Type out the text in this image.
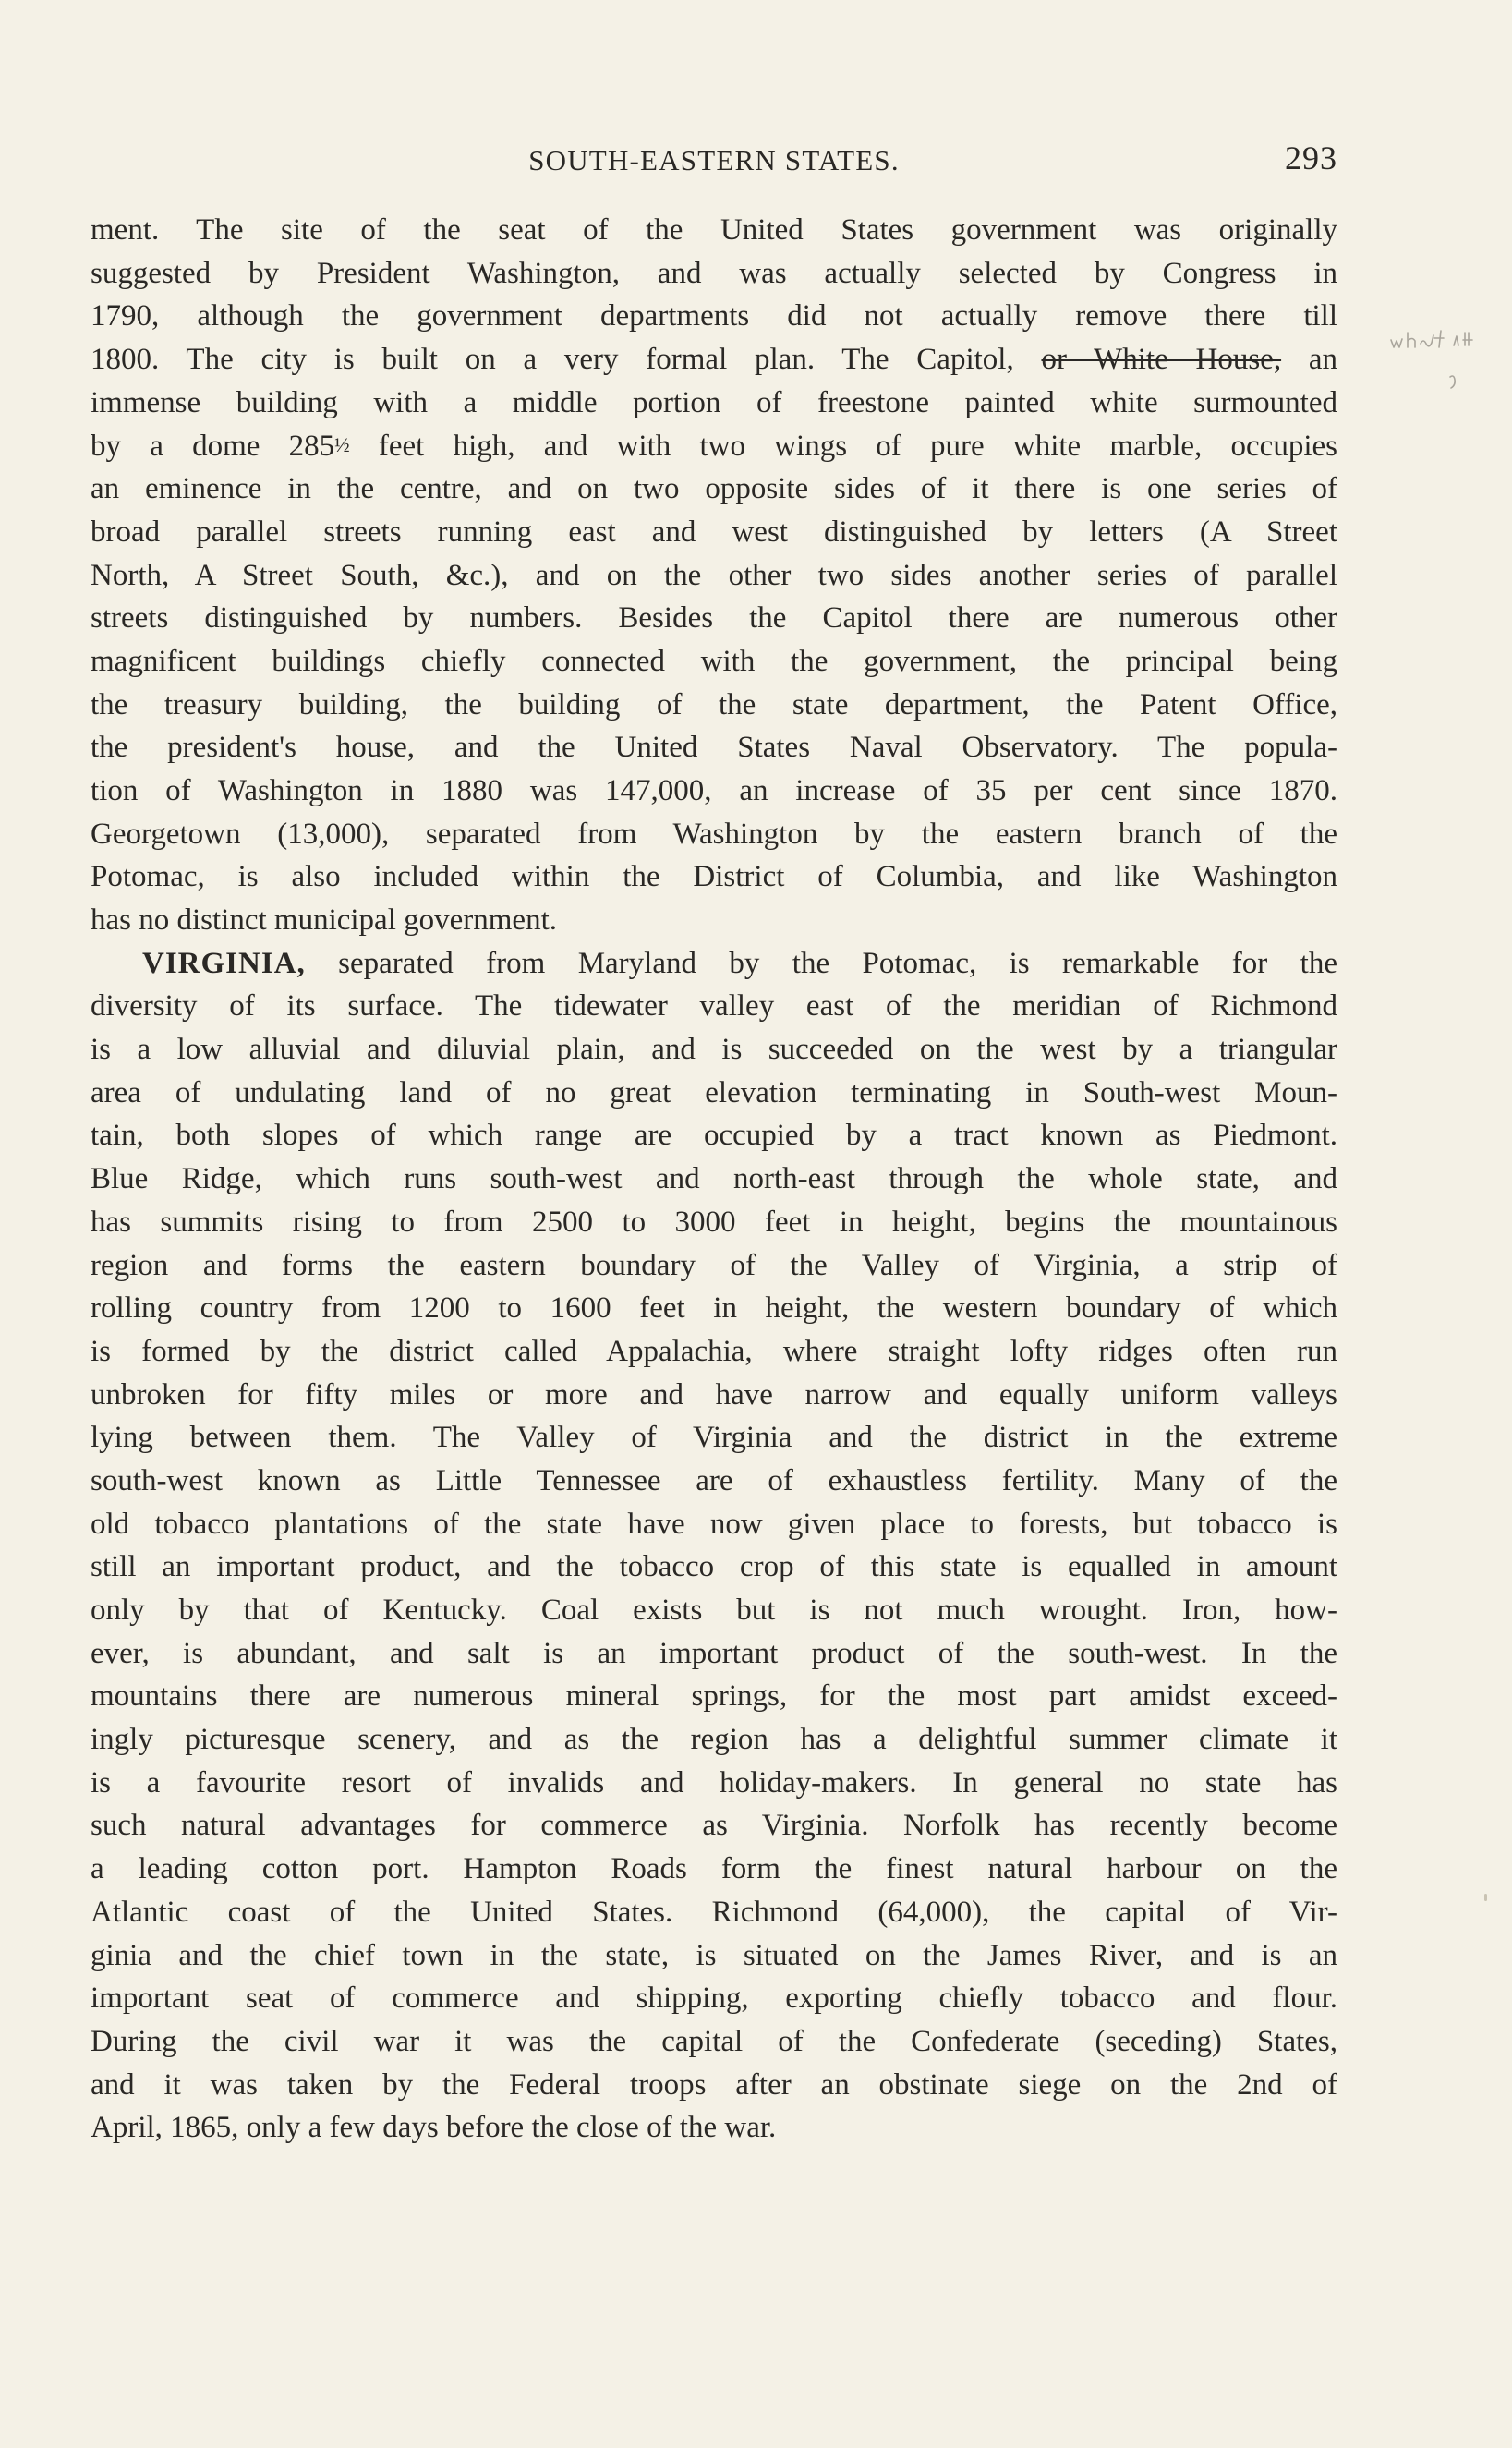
SOUTH-EASTERN STATES.	293
ment. The site of the seat of the United States government was originally
suggested by President Washington, and was actually selected by Congress in
1790, although the government departments did not actually remove there till
1800. The city is built on a very formal plan. The Capitol, or White House, an
immense building with a middle portion of freestone painted white surmounted
by a dome 285½ feet high, and with two wings of pure white marble, occupies
an eminence in the centre, and on two opposite sides of it there is one series of
broad parallel streets running east and west distinguished by letters (A Street
North, A Street South, &c.), and on the other two sides another series of parallel
streets distinguished by numbers. Besides the Capitol there are numerous other
magnificent buildings chiefly connected with the government, the principal being
the treasury building, the building of the state department, the Patent Office,
the president's house, and the United States Naval Observatory. The popula-
tion of Washington in 1880 was 147,000, an increase of 35 per cent since 1870.
Georgetown (13,000), separated from Washington by the eastern branch of the
Potomac, is also included within the District of Columbia, and like Washington
has no distinct municipal government.
VIRGINIA, separated from Maryland by the Potomac, is remarkable for the
diversity of its surface. The tidewater valley east of the meridian of Richmond
is a low alluvial and diluvial plain, and is succeeded on the west by a triangular
area of undulating land of no great elevation terminating in South-west Moun-
tain, both slopes of which range are occupied by a tract known as Piedmont.
Blue Ridge, which runs south-west and north-east through the whole state, and
has summits rising to from 2500 to 3000 feet in height, begins the mountainous
region and forms the eastern boundary of the Valley of Virginia, a strip of
rolling country from 1200 to 1600 feet in height, the western boundary of which
is formed by the district called Appalachia, where straight lofty ridges often run
unbroken for fifty miles or more and have narrow and equally uniform valleys
lying between them. The Valley of Virginia and the district in the extreme
south-west known as Little Tennessee are of exhaustless fertility. Many of the
old tobacco plantations of the state have now given place to forests, but tobacco is
still an important product, and the tobacco crop of this state is equalled in amount
only by that of Kentucky. Coal exists but is not much wrought. Iron, how-
ever, is abundant, and salt is an important product of the south-west. In the
mountains there are numerous mineral springs, for the most part amidst exceed-
ingly picturesque scenery, and as the region has a delightful summer climate it
is a favourite resort of invalids and holiday-makers. In general no state has
such natural advantages for commerce as Virginia. Norfolk has recently become
a leading cotton port. Hampton Roads form the finest natural harbour on the
Atlantic coast of the United States. Richmond (64,000), the capital of Vir-
ginia and the chief town in the state, is situated on the James River, and is an
important seat of commerce and shipping, exporting chiefly tobacco and flour.
During the civil war it was the capital of the Confederate (seceding) States,
and it was taken by the Federal troops after an obstinate siege on the 2nd of
April, 1865, only a few days before the close of the war.
